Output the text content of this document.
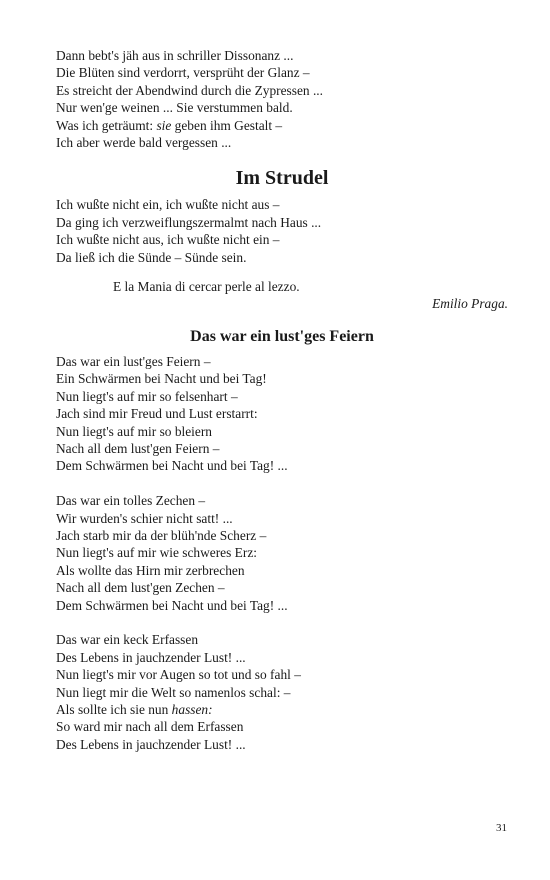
Dann bebt's jäh aus in schriller Dissonanz ...
Die Blüten sind verdorrt, versprüht der Glanz –
Es streicht der Abendwind durch die Zypressen ...
Nur wen'ge weinen ... Sie verstummen bald.
Was ich geträumt: sie geben ihm Gestalt –
Ich aber werde bald vergessen ...
Im Strudel
Ich wußte nicht ein, ich wußte nicht aus –
Da ging ich verzweiflungszermalmt nach Haus ...
Ich wußte nicht aus, ich wußte nicht ein –
Da ließ ich die Sünde – Sünde sein.
E la Mania di cercar perle al lezzo.
Emilio Praga.
Das war ein lust'ges Feiern
Das war ein lust'ges Feiern –
Ein Schwärmen bei Nacht und bei Tag!
Nun liegt's auf mir so felsenhart –
Jach sind mir Freud und Lust erstarrt:
Nun liegt's auf mir so bleiern
Nach all dem lust'gen Feiern –
Dem Schwärmen bei Nacht und bei Tag! ...
Das war ein tolles Zechen –
Wir wurden's schier nicht satt! ...
Jach starb mir da der blüh'nde Scherz –
Nun liegt's auf mir wie schweres Erz:
Als wollte das Hirn mir zerbrechen
Nach all dem lust'gen Zechen –
Dem Schwärmen bei Nacht und bei Tag! ...
Das war ein keck Erfassen
Des Lebens in jauchzender Lust! ...
Nun liegt's mir vor Augen so tot und so fahl –
Nun liegt mir die Welt so namenlos schal: –
Als sollte ich sie nun hassen:
So ward mir nach all dem Erfassen
Des Lebens in jauchzender Lust! ...
31
